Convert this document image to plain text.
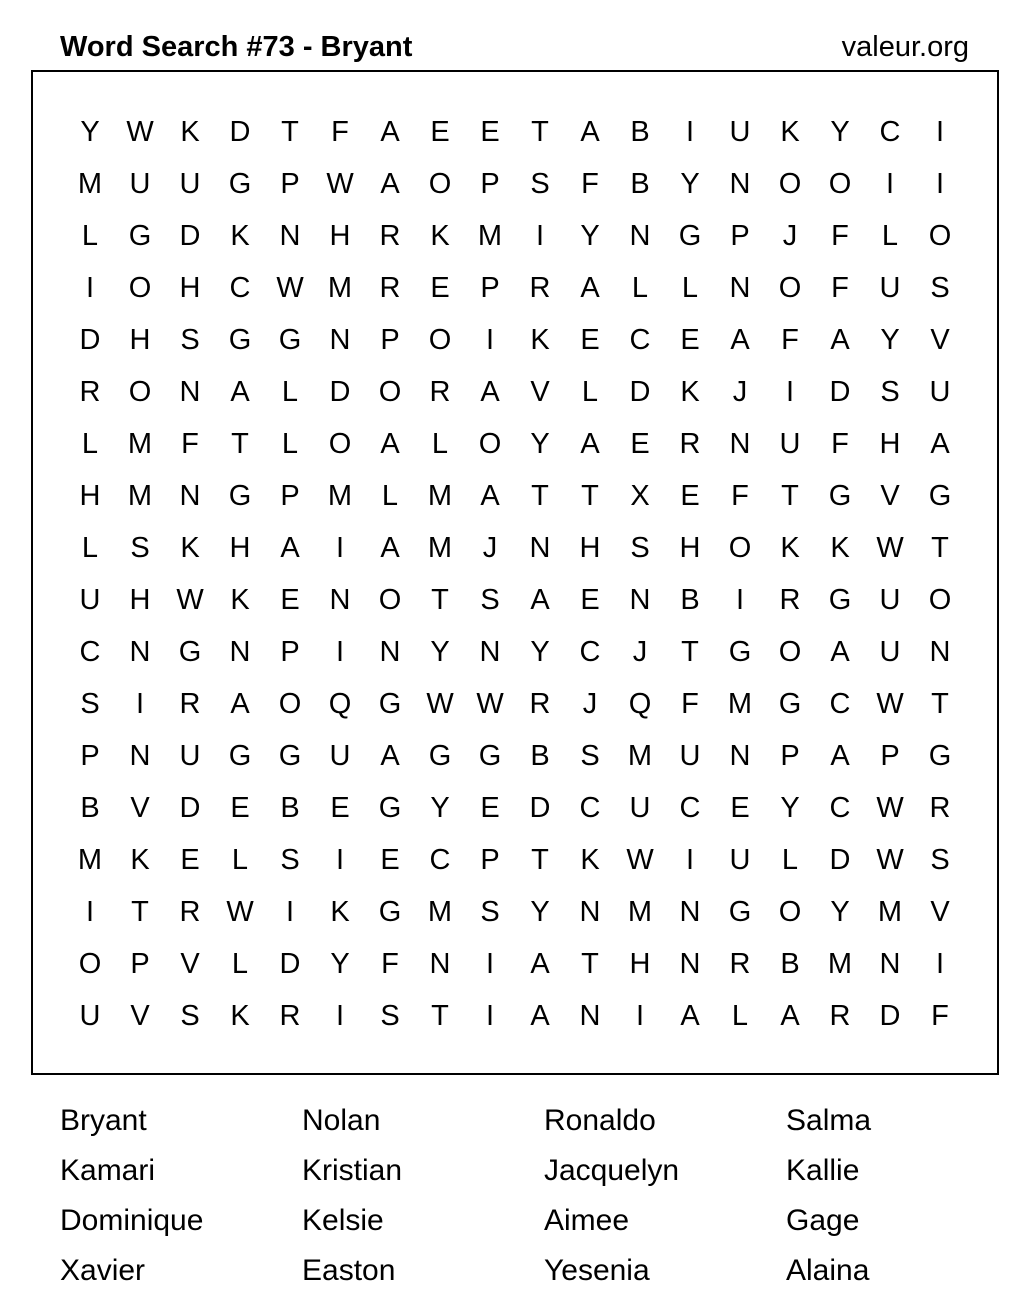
Word Search #73 - Bryant	valeur.org
Y W K	D	T	F	A	E	E	T	A	B	I	U	K	Y	C	I
M U	U G	P W A	O	P	S	F	B	Y	N O O	I	I
L	G D	K	N	H	R	K M	I	Y	N G	P	J	F	L	O
I	O H	C W M R	E	P	R	A	L	L	N O	F	U	S
D	H	S	G G N	P	O	I	K	E	C	E	A	F	A	Y	V
R O N	A	L	D O R	A	V	L	D	K	J	I	D	S	U
L	M	F	T	L	O	A	L	O	Y	A	E	R	N	U	F	H	A
H M N G	P M	L	M A	T	T	X	E	F	T	G	V	G
L	S	K	H	A	I	A M	J	N	H	S	H O	K	K W T
U	H W K	E	N O	T	S	A	E	N	B	I	R G U O
C	N G N	P	I	N	Y	N	Y	C	J	T	G O	A	U	N
S	I	R	A	O Q G W W R	J	Q	F	M G C W T
P	N	U G G U	A	G G	B	S M U	N	P	A	P	G
B	V	D	E	B	E	G	Y	E	D	C	U	C	E	Y	C W R
M K	E	L	S	I	E	C	P	T	K W	I	U	L	D W S
I	T	R W	I	K	G M S	Y	N M N G O	Y M V
O	P	V	L	D	Y	F	N	I	A	T	H	N	R	B M N	I
U	V	S	K	R	I	S	T	I	A	N	I	A	L	A	R	D	F
Bryant	Nolan	Ronaldo	Salma
Kamari	Kristian	Jacquelyn	Kallie
Dominique	Kelsie	Aimee	Gage
Xavier	Easton	Yesenia	Alaina
